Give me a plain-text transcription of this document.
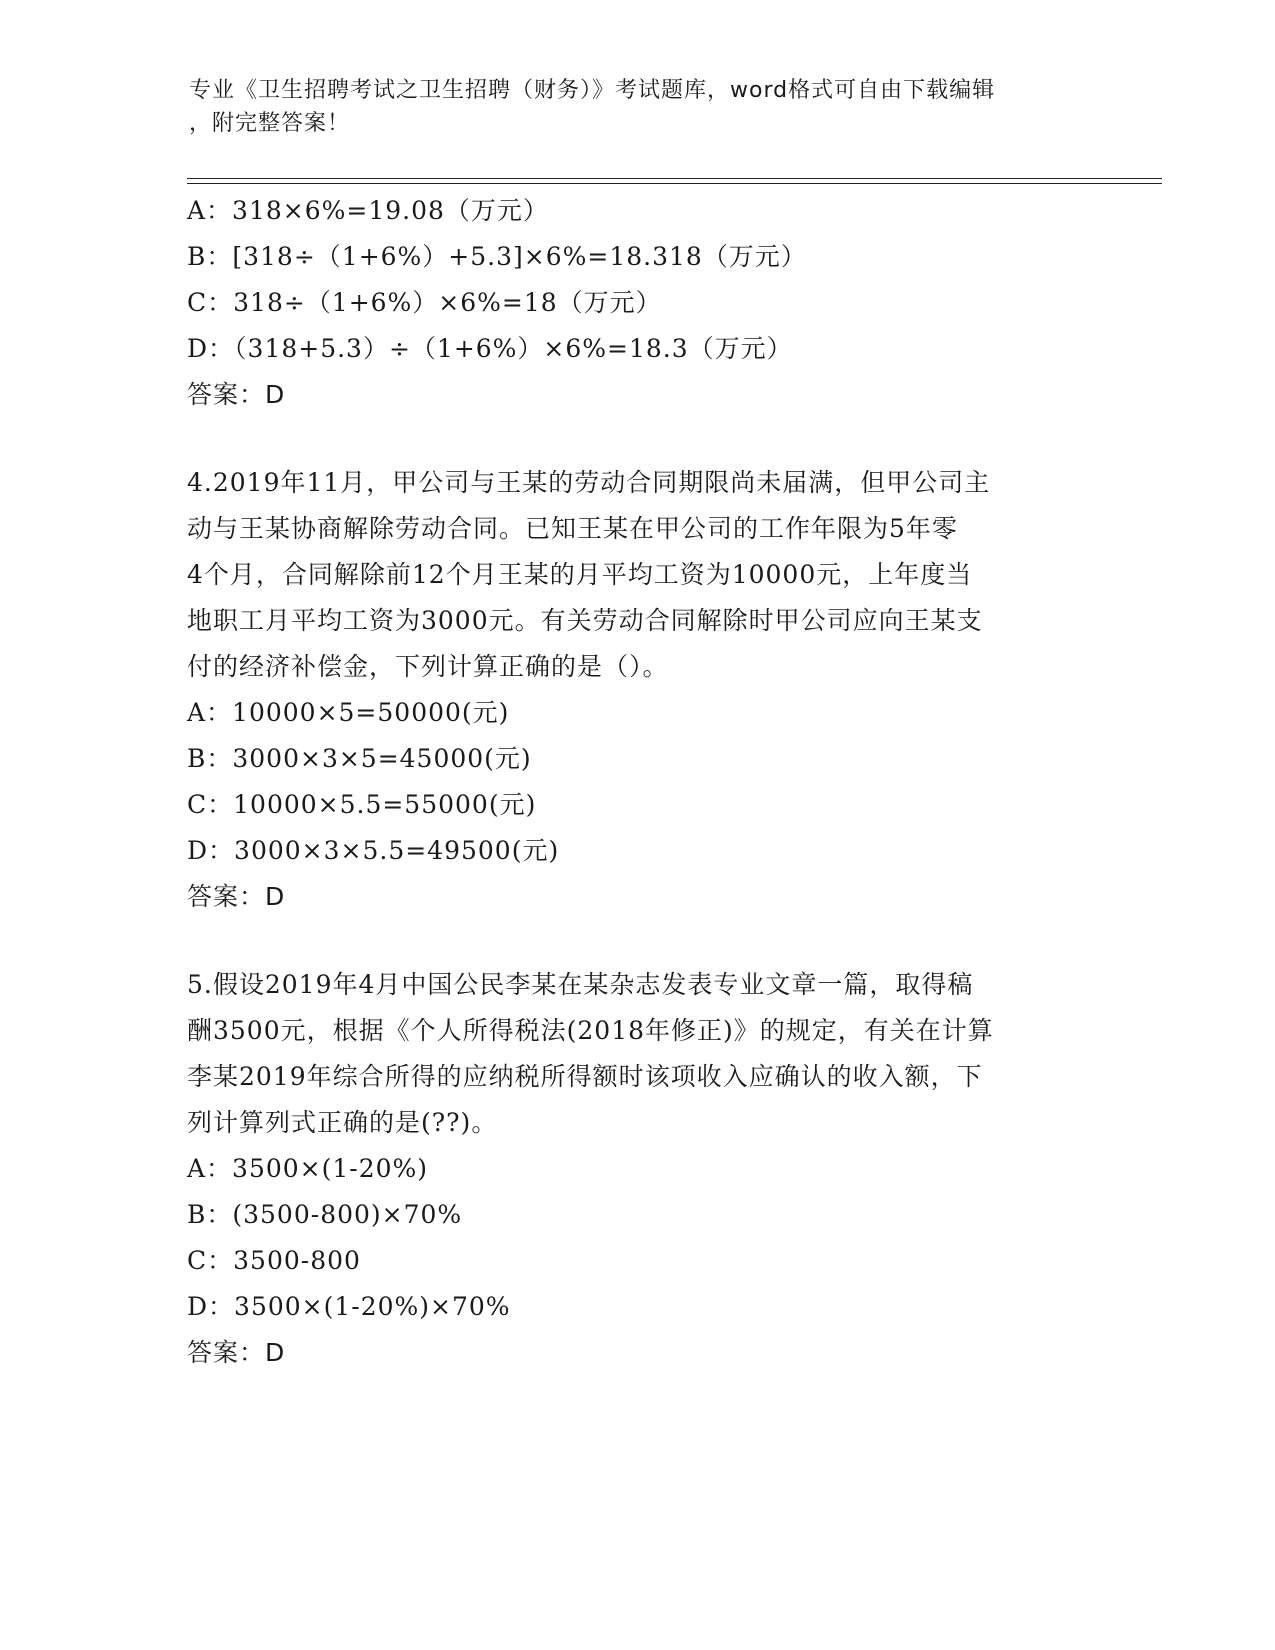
专业《卫生招聘考试之卫生招聘（财务）》考试题库，word格式可自由下载编辑
，附完整答案！
A：318×6%=19.08（万元）
B：[318÷（1+6%）+5.3]×6%=18.318（万元）
C：318÷（1+6%）×6%=18（万元）
D：（318+5.3）÷（1+6%）×6%=18.3（万元）
答案：D
4.2019年11月，甲公司与王某的劳动合同期限尚未届满，但甲公司主
动与王某协商解除劳动合同。已知王某在甲公司的工作年限为5年零
4个月，合同解除前12个月王某的月平均工资为10000元，上年度当
地职工月平均工资为3000元。有关劳动合同解除时甲公司应向王某支
付的经济补偿金，下列计算正确的是（）。
A：10000×5=50000(元)
B：3000×3×5=45000(元)
C：10000×5.5=55000(元)
D：3000×3×5.5=49500(元)
答案：D
5.假设2019年4月中国公民李某在某杂志发表专业文章一篇，取得稿
酬3500元，根据《个人所得税法(2018年修正)》的规定，有关在计算
李某2019年综合所得的应纳税所得额时该项收入应确认的收入额，下
列计算列式正确的是(??)。
A：3500×(1-20%)
B：(3500-800)×70%
C：3500-800
D：3500×(1-20%)×70%
答案：D
